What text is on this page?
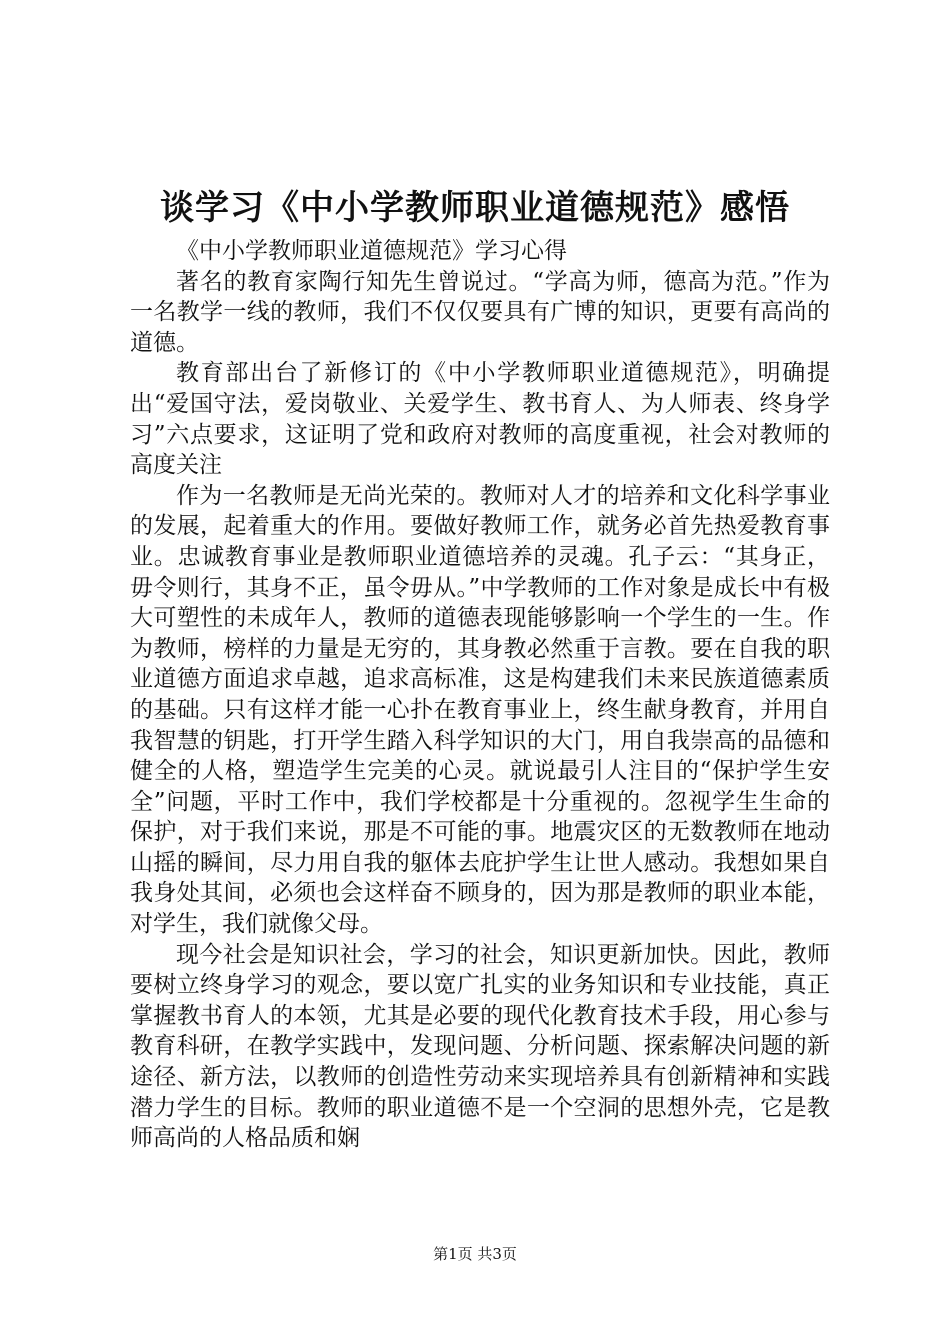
谈学习《中小学教师职业道德规范》感悟

《中小学教师职业道德规范》学习心得

著名的教育家陶行知先生曾说过。“学高为师，德高为范。”作为一名教学一线的教师，我们不仅仅要具有广博的知识，更要有高尚的道德。

教育部出台了新修订的《中小学教师职业道德规范》，明确提出“爱国守法，爱岗敬业、关爱学生、教书育人、为人师表、终身学习”六点要求，这证明了党和政府对教师的高度重视，社会对教师的高度关注

作为一名教师是无尚光荣的。教师对人才的培养和文化科学事业的发展，起着重大的作用。要做好教师工作，就务必首先热爱教育事业。忠诚教育事业是教师职业道德培养的灵魂。孔子云：“其身正，毋令则行，其身不正，虽令毋从。”中学教师的工作对象是成长中有极大可塑性的未成年人，教师的道德表现能够影响一个学生的一生。作为教师，榜样的力量是无穷的，其身教必然重于言教。要在自我的职业道德方面追求卓越，追求高标准，这是构建我们未来民族道德素质的基础。只有这样才能一心扑在教育事业上，终生献身教育，并用自我智慧的钥匙，打开学生踏入科学知识的大门，用自我崇高的品德和健全的人格，塑造学生完美的心灵。就说最引人注目的“保护学生安全”问题，平时工作中，我们学校都是十分重视的。忽视学生生命的保护，对于我们来说，那是不可能的事。地震灾区的无数教师在地动山摇的瞬间，尽力用自我的躯体去庇护学生让世人感动。我想如果自我身处其间，必须也会这样奋不顾身的，因为那是教师的职业本能，对学生，我们就像父母。

现今社会是知识社会，学习的社会，知识更新加快。因此，教师要树立终身学习的观念，要以宽广扎实的业务知识和专业技能，真正掌握教书育人的本领，尤其是必要的现代化教育技术手段，用心参与教育科研，在教学实践中，发现问题、分析问题、探索解决问题的新途径、新方法，以教师的创造性劳动来实现培养具有创新精神和实践潜力学生的目标。教师的职业道德不是一个空洞的思想外壳，它是教师高尚的人格品质和娴

第1页 共3页
